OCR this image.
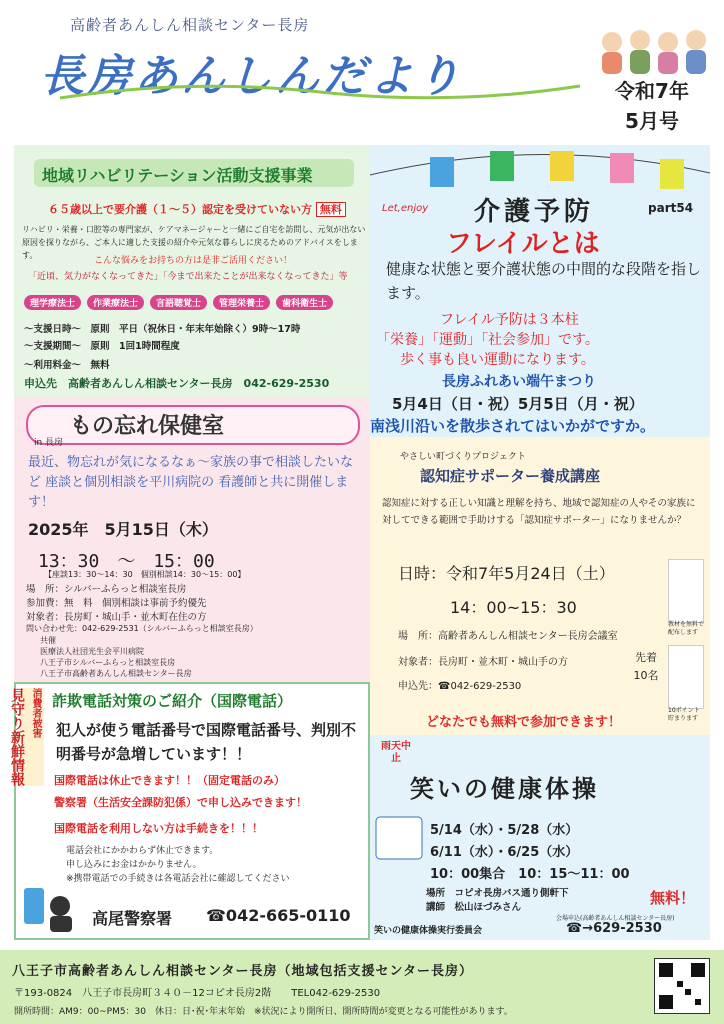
高齢者あんしん相談センター長房
長房あんしんだより	令和7年
5月号
地域リハビリテーション活動支援事業
６５歳以上で要介護（１～５）認定を受けていない方 無料
リハビリ・栄養・口腔等の専門家が、ケアマネージャーと一緒にご自宅を訪問し、元気が出ない原因を探りながら、ご本人に適した支援の紹介や元気な暮らしに戻るためのアドバイスをします。
こんな悩みをお持ちの方は是非ご活用ください！
「近頃、気力がなくなってきた」「今まで出来たことが出来なくなってきた」等
理学療法士 作業療法士 言語聴覚士 管理栄養士 歯科衛生士
～支援日時～　原則　平日（祝休日・年末年始除く）9時～17時
～支援期間～　原則　1回1時間程度
～利用料金～　無料
申込先　高齢者あんしん相談センター長房　042-629-2530
Let,enjoy 介護予防	part54
フレイルとは
健康な状態と要介護状態の中間的な段階を指します。
フレイル予防は３本柱
「栄養」「運動」「社会参加」です。
歩く事も良い運動になります。
長房ふれあい端午まつり
5月4日（日・祝）5月5日（月・祝）
南浅川沿いを散歩されてはいかがですか。
もの忘れ保健室
in 長房
最近、物忘れが気になるなぁ～家族の事で相談したいなど 座談と個別相談を平川病院の 看護師と共に開催します！
2025年　5月15日（木）
13：30　～　15：00
【座談13：30～14：30　個別相談14：30～15：00】
場　所：シルバーふらっと相談室長房
参加費：無　料　個別相談は事前予約優先
対象者：長房町・城山手・並木町在住の方
問い合わせ先：042-629-2531（シルバーふらっと相談室長房）
共催
医療法人社団光生会平川病院
八王子市シルバーふらっと相談室長房
八王子市高齢者あんしん相談センター長房
やさしい町づくりプロジェクト
認知症サポーター養成講座
認知症に対する正しい知識と理解を持ち、地域で認知症の人やその家族に対してできる範囲で手助けする「認知症サポーター」になりませんか？
日時：令和7年5月24日（土）
14：00~15：30
場　所：高齢者あんしん相談センター長房会議室
対象者：長房町・並木町・城山手の方
申込先：☎042-629-2530
先着
10名
教材を無料で配布します
10ポイント貯まります
どなたでも無料で参加できます！
消費者被害
見守り新鮮情報 詐欺電話対策のご紹介（国際電話）
犯人が使う電話番号で国際電話番号、判別不明番号が急増しています！！
国際電話は休止できます！！（固定電話のみ）
警察署（生活安全課防犯係）で申し込みできます！
国際電話を利用しない方は手続きを！！！
電話会社にかかわらず休止できます。
申し込みにお金はかかりません。
※携帯電話での手続きは各電話会社に確認してください
高尾警察署 ☎042-665-0110
雨天中止
笑いの健康体操
5/14（水）・5/28（水）
6/11（水）・6/25（水）
10：00集合　10：15～11：00
場所　コピオ長房バス通り側軒下
講師　松山ほづみさん
無料！
笑いの健康体操実行委員会
会場申込(高齢者あんしん相談センター長房)
☎→629-2530
八王子市高齢者あんしん相談センター長房（地域包括支援センター長房）
〒193-0824　八王子市長房町３４０－12コピオ長房2階　　TEL042-629-2530
開所時間：AM9：00~PM5：30　休日：日･祝･年末年始　※状況により開所日、開所時間が変更となる可能性があります。
